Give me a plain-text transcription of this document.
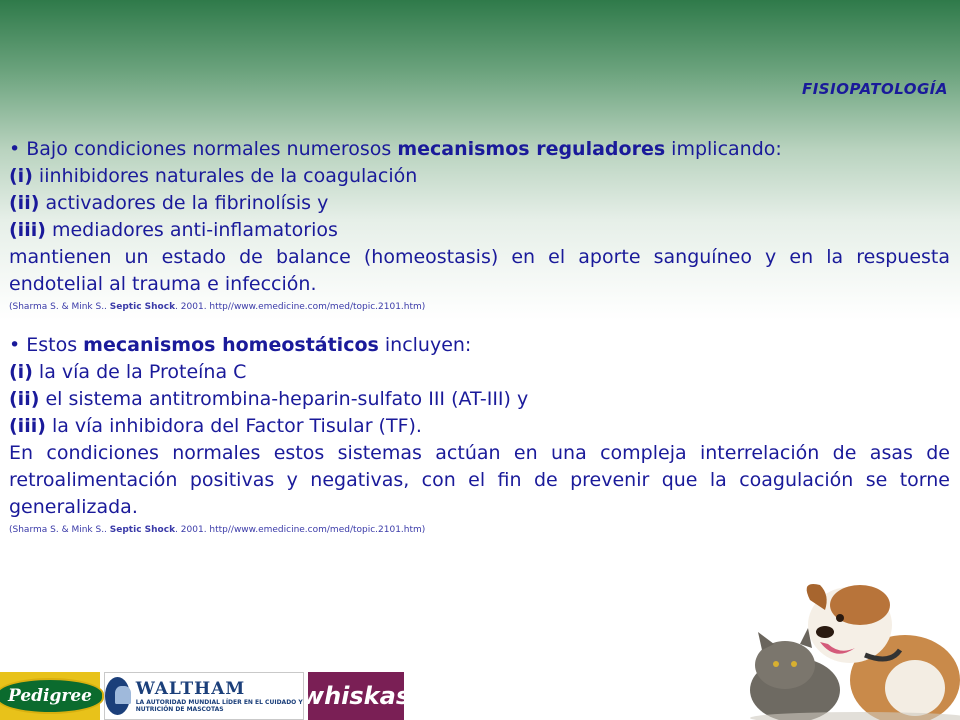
FISIOPATOLOGÍA

• Bajo condiciones normales numerosos mecanismos reguladores implicando:

(i) iinhibidores naturales de la coagulación

(ii) activadores de la fibrinolísis y

(iii) mediadores anti-inflamatorios

mantienen un estado de balance (homeostasis) en el aporte sanguíneo y en la respuesta endotelial al trauma e infección.

(Sharma S. & Mink S.. Septic Shock. 2001. http//www.emedicine.com/med/topic.2101.htm)

• Estos mecanismos homeostáticos incluyen:

(i) la vía de la Proteína C

(ii) el sistema antitrombina-heparin-sulfato III (AT-III) y

(iii) la vía inhibidora del Factor Tisular (TF).

En condiciones normales estos sistemas actúan en una compleja interrelación de asas de retroalimentación positivas y negativas, con el fin de prevenir que la coagulación se torne generalizada.

(Sharma S. & Mink S.. Septic Shock. 2001. http//www.emedicine.com/med/topic.2101.htm)

Pedigree	WALTHAM
LA AUTORIDAD MUNDIAL LÍDER EN EL CUIDADO Y NUTRICIÓN DE MASCOTAS	whiskas
